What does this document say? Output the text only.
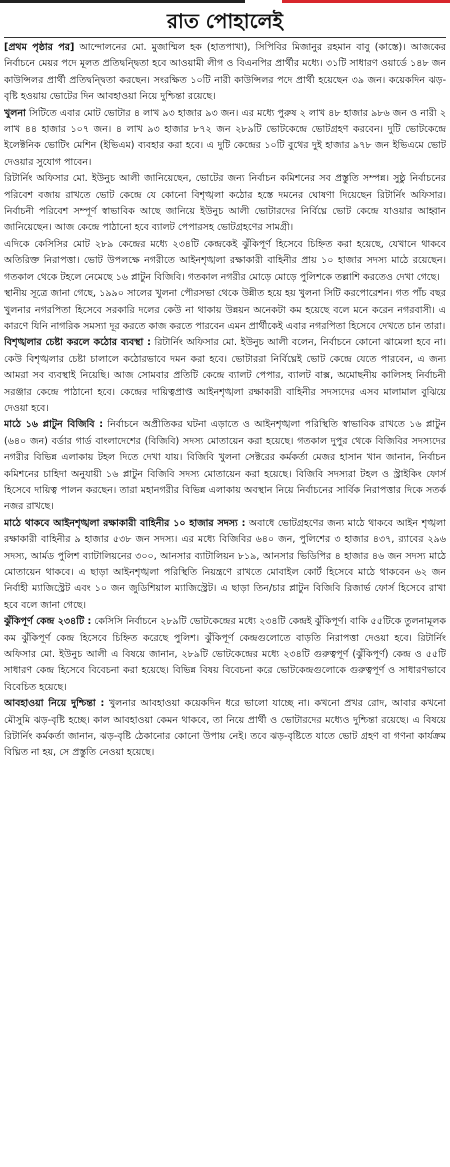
রাত পোহালেই

[প্রথম পৃষ্ঠার পর] আন্দোলনের মো. মুজাম্মিল হক (হাতপাখা), সিপিবির মিজানুর রহমান বাবু (কাস্তে)। আজকের নির্বাচনে মেয়র পদে মূলত প্রতিদ্বন্দ্বিতা হবে আওয়ামী লীগ ও বিএনপির প্রার্থীর মধ্যে। ৩১টি সাধারণ ওয়ার্ডে ১৪৮ জন কাউন্সিলর প্রার্থী প্রতিদ্বন্দ্বিতা করছেন। সংরক্ষিত ১০টি নারী কাউন্সিলর পদে প্রার্থী হয়েছেন ৩৯ জন। কয়েকদিন ঝড়-বৃষ্টি হওয়ায় ভোটের দিন আবহাওয়া নিয়ে দুশ্চিন্তা রয়েছে।

খুলনা সিটিতে এবার মোট ভোটার ৪ লাখ ৯৩ হাজার ৯৩ জন। এর মধ্যে পুরুষ ২ লাখ ৪৮ হাজার ৯৮৬ জন ও নারী ২ লাখ ৪৪ হাজার ১০৭ জন। ৪ লাখ ৯৩ হাজার ৮৭২ জন ২৮৯টি ভোটকেন্দ্রে ভোটগ্রহণ করবেন। দুটি ভোটকেন্দ্রে ইলেক্টনিক ভোটিং মেশিন (ইভিএম) ব্যবহার করা হবে। এ দুটি কেন্দ্রের ১০টি বুথের দুই হাজার ৯৭৮ জন ইভিএমে ভোট দেওয়ার সুযোগ পাবেন।

রিটার্নিং অফিসার মো. ইউনুচ আলী জানিয়েছেন, ভোটের জন্য নির্বাচন কমিশনের সব প্রস্তুতি সম্পন্ন। সুষ্ঠু নির্বাচনের পরিবেশ বজায় রাখতে ভোট কেন্দ্রে যে কোনো বিশৃঙ্খলা কঠোর হস্তে দমনের ঘোষণা দিয়েছেন রিটার্নিং অফিসার। নির্বাচনী পরিবেশ সম্পূর্ণ স্বাভাবিক আছে জানিয়ে ইউনুচ আলী ভোটারদের নির্বিঘ্নে ভোট কেন্দ্রে যাওয়ার আহ্বান জানিয়েছেন। আজ কেন্দ্রে পাঠানো হবে ব্যালট পেপারসহ ভোটগ্রহণের সামগ্রী।

এদিকে কেসিসির মোট ২৮৯ কেন্দ্রের মধ্যে ২৩৪টি কেন্দ্রকেই ঝুঁকিপূর্ণ হিসেবে চিহ্নিত করা হয়েছে, যেখানে থাকবে অতিরিক্ত নিরাপত্তা। ভোট উপলক্ষে নগরীতে আইনশৃঙ্খলা রক্ষাকারী বাহিনীর প্রায় ১০ হাজার সদস্য মাঠে রয়েছেন। গতকাল থেকে টহলে নেমেছে ১৬ প্লাটুন বিজিবি। গতকাল নগরীর মোড়ে মোড়ে পুলিশকে তল্লাশি করতেও দেখা গেছে।

স্থানীয় সূত্রে জানা গেছে, ১৯৯০ সালের খুলনা পৌরসভা থেকে উন্নীত হয়ে হয় খুলনা সিটি করপোরেশন। গত পাঁচ বছর খুলনার নগরপিতা হিসেবে সরকারি দলের কেউ না থাকায় উন্নয়ন অনেকটা কম হয়েছে বলে মনে করেন নগরবাসী। এ কারণে যিনি নাগরিক সমস্যা দূর করতে কাজ করতে পারবেন এমন প্রার্থীকেই এবার নগরপিতা হিসেবে দেখতে চান তারা।

বিশৃঙ্খলার চেষ্টা করলে কঠোর ব্যবস্থা : রিটার্নিং অফিসার মো. ইউনুচ আলী বলেন, নির্বাচনে কোনো ঝামেলা হবে না। কেউ বিশৃঙ্খলার চেষ্টা চালালে কঠোরভাবে দমন করা হবে। ভোটাররা নির্বিঘ্নেই ভোট কেন্দ্রে যেতে পারবেন, এ জন্য আমরা সব ব্যবস্থাই নিয়েছি। আজ সোমবার প্রতিটি কেন্দ্রে ব্যালট পেপার, ব্যালট বাক্স, অমোছনীয় কালিসহ নির্বাচনী সরঞ্জার কেন্দ্রে পাঠানো হবে। কেন্দ্রের দায়িত্বপ্রাপ্ত আইনশৃঙ্খলা রক্ষাকারী বাহিনীর সদস্যদের এসব মালামাল বুঝিয়ে দেওয়া হবে।

মাঠে ১৬ প্লাটুন বিজিবি : নির্বাচনে অপ্রীতিকর ঘটনা এড়াতে ও আইনশৃঙ্খলা পরিস্থিতি স্বাভাবিক রাখতে ১৬ প্লাটুন (৬৪০ জন) বর্ডার গার্ড বাংলাদেশের (বিজিবি) সদস্য মোতায়েন করা হয়েছে। গতকাল দুপুর থেকে বিজিবির সদস্যদের নগরীর বিভিন্ন এলাকায় টহল দিতে দেখা যায়। বিজিবি খুলনা সেক্টরের কর্মকর্তা মেজর হাসান খান জানান, নির্বাচন কমিশনের চাহিদা অনুযায়ী ১৬ প্লাটুন বিজিবি সদস্য মোতায়েন করা হয়েছে। বিজিবি সদস্যরা টহল ও স্ট্রাইকিং ফোর্স হিসেবে দায়িত্ব পালন করছেন। তারা মহানগরীর বিভিন্ন এলাকায় অবস্থান নিয়ে নির্বাচনের সার্বিক নিরাপত্তার দিকে সতর্ক নজর রাখছে।

মাঠে থাকবে আইনশৃঙ্খলা রক্ষাকারী বাহিনীর ১০ হাজার সদস্য : অবাধে ভোটগ্রহণের জন্য মাঠে থাকবে আইন শৃঙ্খলা রক্ষাকারী বাহিনীর ৯ হাজার ৫৩৮ জন সদস্য। এর মধ্যে বিজিবির ৬৪০ জন, পুলিশের ৩ হাজার ৪৩৭, র‌্যাবের ২৯৬ সদস্য, আর্মড পুলিশ ব্যাটালিয়নের ৩০০, আনসার ব্যাটালিয়ন ৮১৯, আনসার ভিডিপির ৪ হাজার ৪৬ জন সদস্য মাঠে মোতায়েন থাকবে। এ ছাড়া আইনশৃঙ্খলা পরিস্থিতি নিয়ন্ত্রণে রাখতে মোবাইল কোর্ট হিসেবে মাঠে থাকবেন ৬২ জন নির্বাহী ম্যাজিস্ট্রেট এবং ১০ জন জুডিশিয়াল ম্যাজিস্ট্রেট। এ ছাড়া তিন/চার প্লাটুন বিজিবি রিজার্ভ ফোর্স হিসেবে রাখা হবে বলে জানা গেছে।

ঝুঁকিপূর্ণ কেন্দ্র ২৩৪টি : কেসিসি নির্বাচনে ২৮৯টি ভোটকেন্দ্রের মধ্যে ২৩৪টি কেন্দ্রই ঝুঁকিপূর্ণ। বাকি ৫৫টিকে তুলনামূলক কম ঝুঁকিপূর্ণ কেন্দ্র হিসেবে চিহ্নিত করেছে পুলিশ। ঝুঁকিপূর্ণ কেন্দ্রগুলোতে বাড়তি নিরাপত্তা দেওয়া হবে। রিটার্নিং অফিসার মো. ইউনুচ আলী এ বিষয়ে জানান, ২৮৯টি ভোটকেন্দ্রের মধ্যে ২৩৪টি গুরুত্বপূর্ণ (ঝুঁকিপূর্ণ) কেন্দ্র ও ৫৫টি সাধারণ কেন্দ্র হিসেবে বিবেচনা করা হয়েছে। বিভিন্ন বিষয় বিবেচনা করে ভোটকেন্দ্রগুলোকে গুরুত্বপূর্ণ ও সাধারণভাবে বিবেচিত হয়েছে।

আবহাওয়া নিয়ে দুশ্চিন্তা : খুলনার আবহাওয়া কয়েকদিন ধরে ভালো যাচ্ছে না। কখনো প্রখর রোদ, আবার কখনো মৌসুমি ঝড়-বৃষ্টি হচ্ছে। কাল আবহাওয়া কেমন থাকবে, তা নিয়ে প্রার্থী ও ভোটারদের মধ্যেও দুশ্চিন্তা রয়েছে। এ বিষয়ে রিটার্নিং কর্মকর্তা জানান, ঝড়-বৃষ্টি ঠেকানোর কোনো উপায় নেই। তবে ঝড়-বৃষ্টিতে যাতে ভোট গ্রহণ বা গণনা কার্যক্রম বিঘ্নিত না হয়, সে প্রস্তুতি নেওয়া হয়েছে।
